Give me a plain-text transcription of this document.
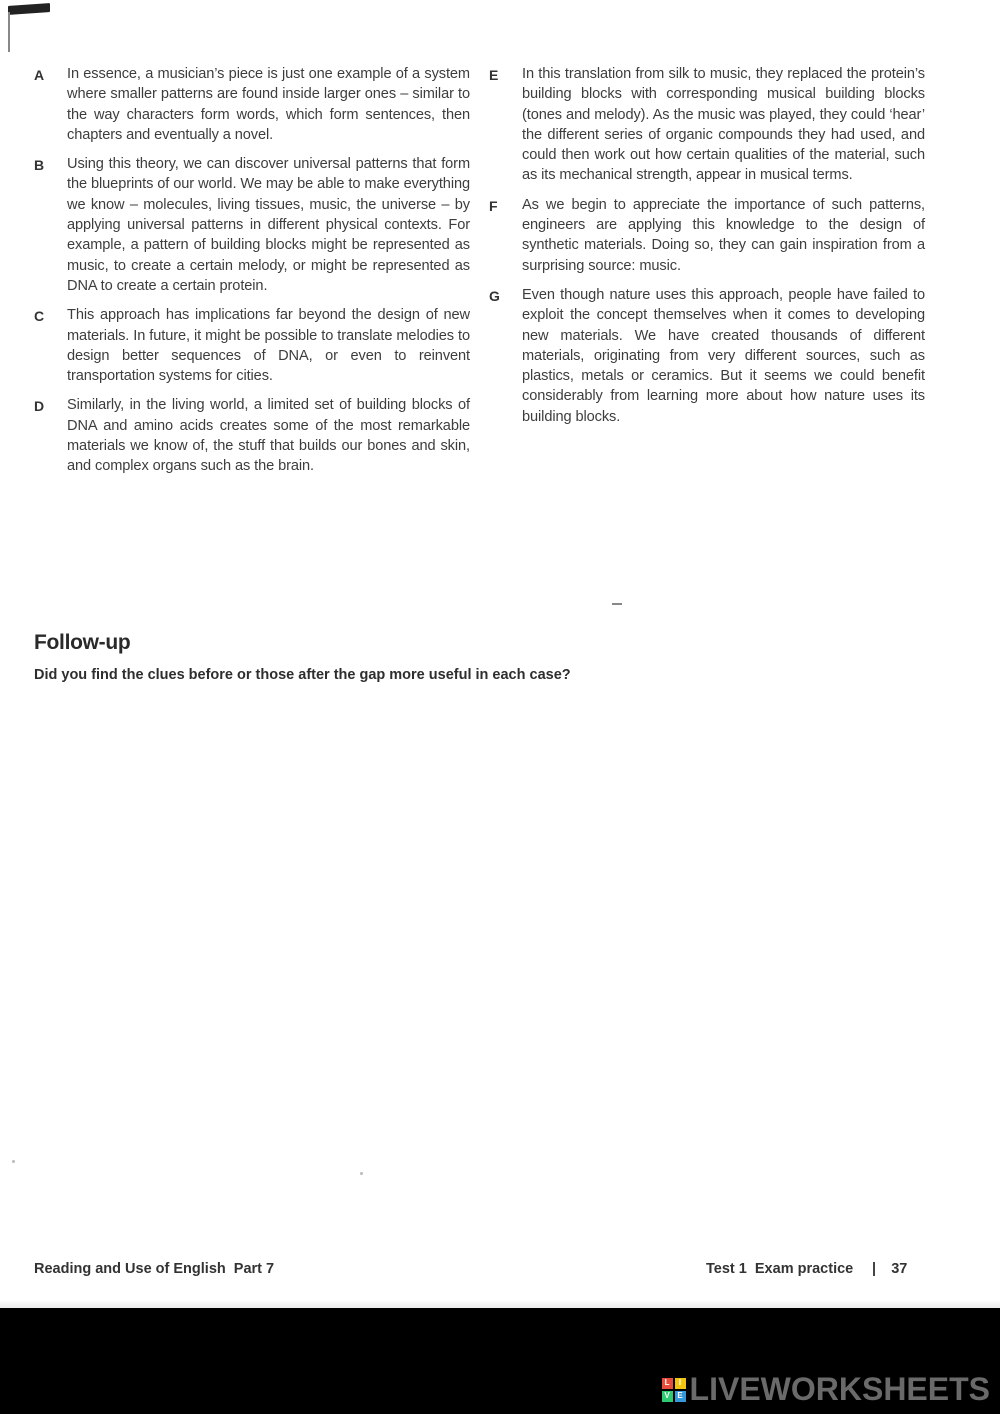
A	In essence, a musician’s piece is just one example of a system where smaller patterns are found inside larger ones – similar to the way characters form words, which form sentences, then chapters and eventually a novel.
B	Using this theory, we can discover universal patterns that form the blueprints of our world. We may be able to make everything we know – molecules, living tissues, music, the universe – by applying universal patterns in different physical contexts. For example, a pattern of building blocks might be represented as music, to create a certain melody, or might be represented as DNA to create a certain protein.
C	This approach has implications far beyond the design of new materials. In future, it might be possible to translate melodies to design better sequences of DNA, or even to reinvent transportation systems for cities.
D	Similarly, in the living world, a limited set of building blocks of DNA and amino acids creates some of the most remarkable materials we know of, the stuff that builds our bones and skin, and complex organs such as the brain.
E	In this translation from silk to music, they replaced the protein’s building blocks with corresponding musical building blocks (tones and melody). As the music was played, they could ‘hear’ the different series of organic compounds they had used, and could then work out how certain qualities of the material, such as its mechanical strength, appear in musical terms.
F	As we begin to appreciate the importance of such patterns, engineers are applying this knowledge to the design of synthetic materials. Doing so, they can gain inspiration from a surprising source: music.
G	Even though nature uses this approach, people have failed to exploit the concept themselves when it comes to developing new materials. We have created thousands of different materials, originating from very different sources, such as plastics, metals or ceramics. But it seems we could benefit considerably from learning more about how nature uses its building blocks.
Follow-up
Did you find the clues before or those after the gap more useful in each case?
Reading and Use of English  Part 7	Test 1  Exam practice	37
L	I
V E LIVEWORKSHEETS
